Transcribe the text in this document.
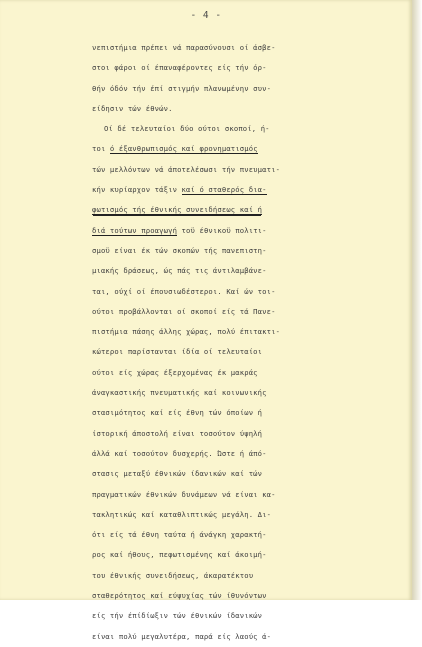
- 4 -
νεπιστήμια πρέπει νά παρασύνουσι οί άσβε-
στοι φάροι οί έπαναφέροντες είς τήν όρ-
θήν όδόν τήν έπί στιγμήν πλανωμένην συν-
είδησιν τών έθνών.
Οί δέ τελευταίοι δύο ούτοι σκοποί, ή-
τοι ό έξανθρωπισμός καί φρονηματισμός
τών μελλόντων νά άποτελέσωσι τήν πνευματι-
κήν κυρίαρχον τάξιν καί ό σταθερός δια-
φωτισμός τής έθνικής συνειδήσεως καί ή
διά τούτων προαγωγή τοϋ έθνικοϋ πολιτι-
σμοϋ είναι έκ τών σκοπών τής πανεπιστη-
μιακής δράσεως, ώς πάς τις άντιλαμβάνε-
ται, ούχί οί έπουσιωδέστεροι. Καί ών τοι-
ούτοι προβάλλονται οί σκοποί είς τά Πανε-
πιστήμια πάσης άλλης χώρας, πολύ έπιτακτι-
κώτεροι παρίστανται ίδία οί τελευταίοι
ούτοι είς χώρας έξερχομένας έκ μακράς
άναγκαστικής πνευματικής καί κοινωνικής
στασιμότητος καί είς έθνη τών όποίων ή
ίστορική άποστολή είναι τοσούτον ύψηλή
άλλά καί τοσούτον δυσχερής. Ώστε ή άπό-
στασις μεταξύ έθνικών ίδανικών καί τών
πραγματικών έθνικών δυνάμεων νά είναι κα-
τακλητικώς καί καταθλιπτικώς μεγάλη. Δι-
ότι είς τά έθνη ταύτα ή άνάγκη χαρακτή-
ρος καί ήθους, πεφωτισμένης καί άκοιμή-
του έθνικής συνειδήσεως, άκαρατέκτου
σταθερότητος καί εύψυχίας τών ίθυνόντων
είς τήν έπίδίωξιν τών έθνικών ίδανικών
είναι πολύ μεγαλυτέρα, παρά είς λαούς ά-
